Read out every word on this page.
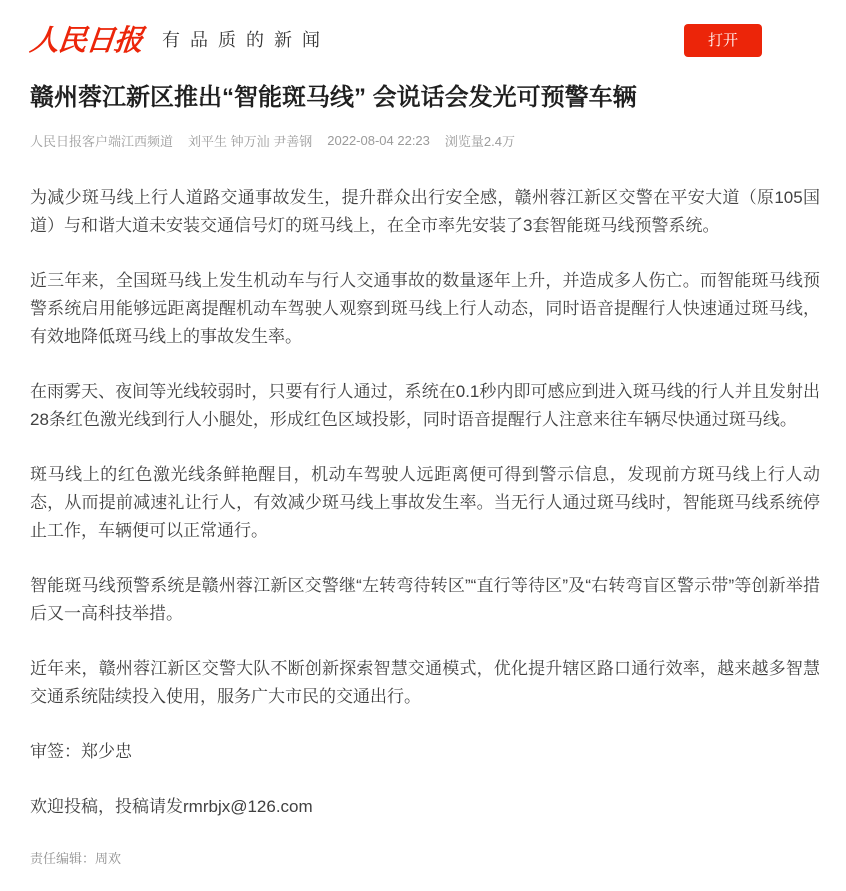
人民日报 有品质的新闻	打开
赣州蓉江新区推出“智能斑马线” 会说话会发光可预警车辆
人民日报客户端江西频道 刘平生 钟万汕 尹善钢 2022-08-04 22:23 浏览量2.4万

为减少斑马线上行人道路交通事故发生，提升群众出行安全感，赣州蓉江新区交警在平安大道（原105国道）与和谐大道未安装交通信号灯的斑马线上，在全市率先安装了3套智能斑马线预警系统。

近三年来，全国斑马线上发生机动车与行人交通事故的数量逐年上升，并造成多人伤亡。而智能斑马线预警系统启用能够远距离提醒机动车驾驶人观察到斑马线上行人动态，同时语音提醒行人快速通过斑马线，有效地降低斑马线上的事故发生率。

在雨雾天、夜间等光线较弱时，只要有行人通过，系统在0.1秒内即可感应到进入斑马线的行人并且发射出28条红色激光线到行人小腿处，形成红色区域投影，同时语音提醒行人注意来往车辆尽快通过斑马线。

斑马线上的红色激光线条鲜艳醒目，机动车驾驶人远距离便可得到警示信息，发现前方斑马线上行人动态，从而提前减速礼让行人，有效减少斑马线上事故发生率。当无行人通过斑马线时，智能斑马线系统停止工作，车辆便可以正常通行。

智能斑马线预警系统是赣州蓉江新区交警继“左转弯待转区”“直行等待区”及“右转弯盲区警示带”等创新举措后又一高科技举措。

近年来，赣州蓉江新区交警大队不断创新探索智慧交通模式，优化提升辖区路口通行效率，越来越多智慧交通系统陆续投入使用，服务广大市民的交通出行。

审签：郑少忠

欢迎投稿，投稿请发rmrbjx@126.com

责任编辑：周欢
